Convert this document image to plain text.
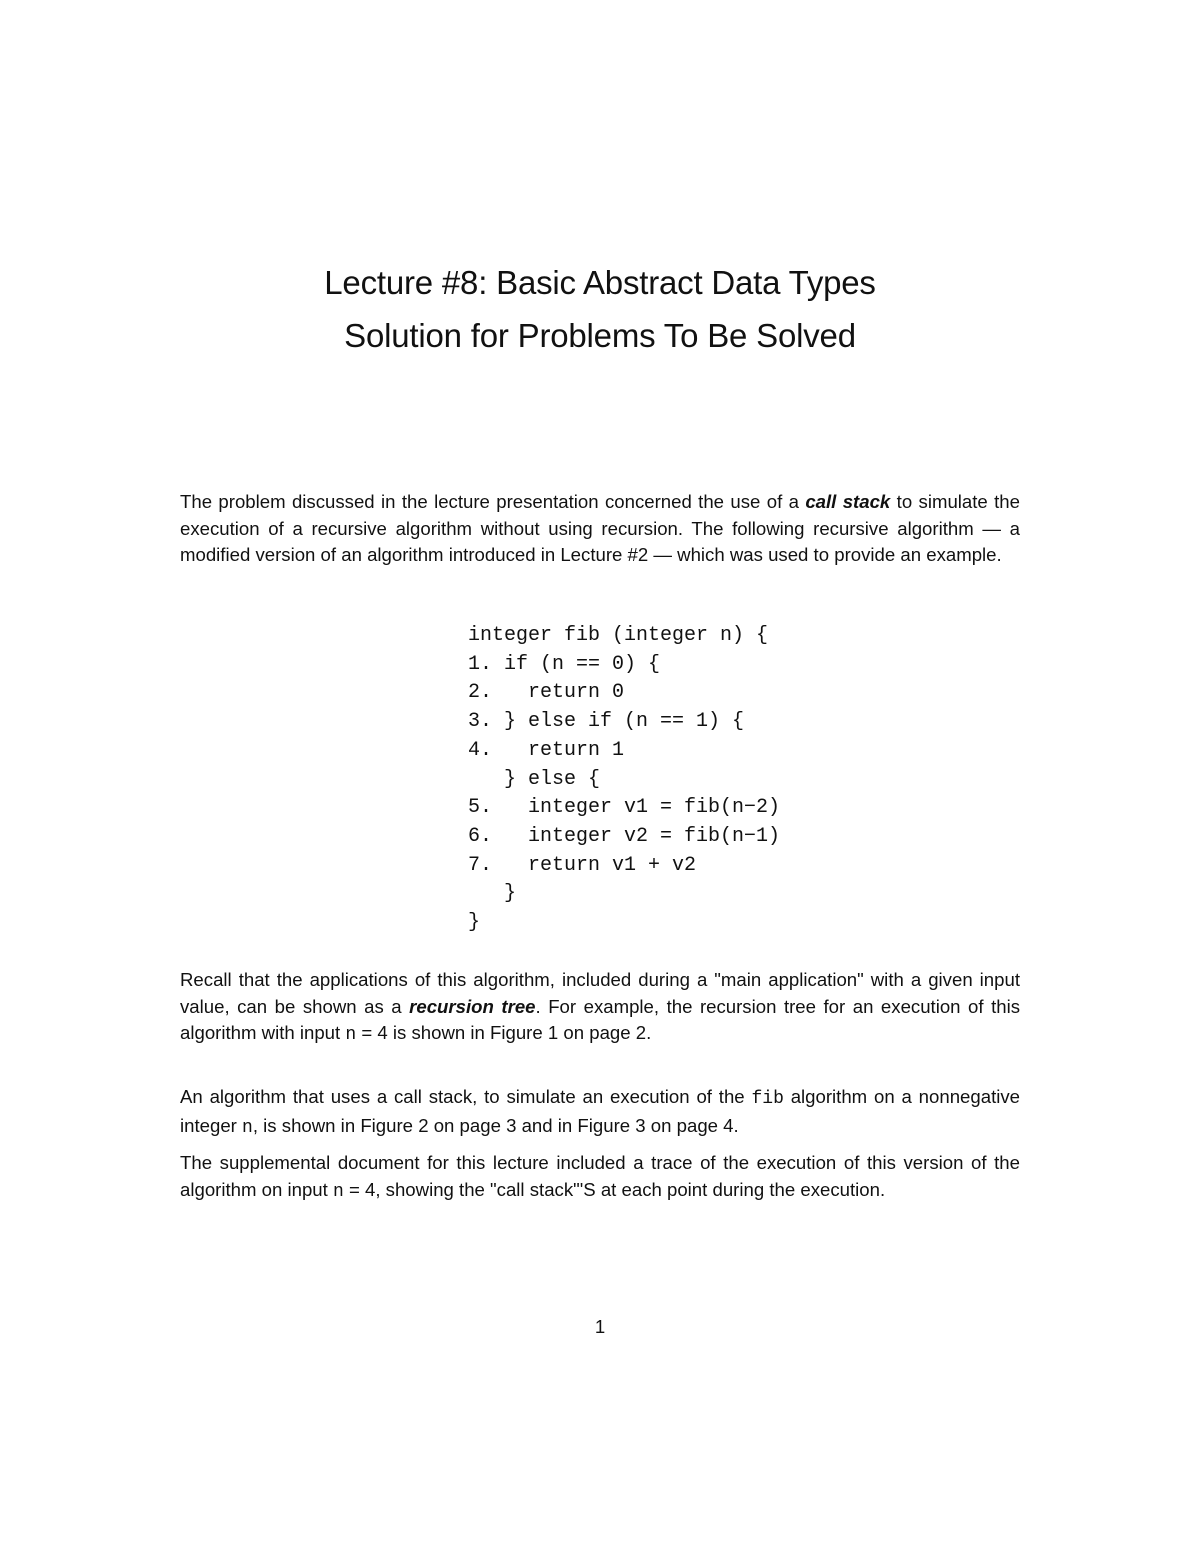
Lecture #8: Basic Abstract Data Types
Solution for Problems To Be Solved

The problem discussed in the lecture presentation concerned the use of a call stack to simulate the execution of a recursive algorithm without using recursion. The following recursive algorithm — a modified version of an algorithm introduced in Lecture #2 — which was used to provide an example.

integer fib (integer n) {
1. if (n == 0) {
2.   return 0
3. } else if (n == 1) {
4.   return 1
} else {
5.   integer v1 = fib(n−2)
6.   integer v2 = fib(n−1)
7.   return v1 + v2
}
}

Recall that the applications of this algorithm, included during a "main application" with a given input value, can be shown as a recursion tree. For example, the recursion tree for an execution of this algorithm with input n = 4 is shown in Figure 1 on page 2.

An algorithm that uses a call stack, to simulate an execution of the fib algorithm on a nonnegative integer n, is shown in Figure 2 on page 3 and in Figure 3 on page 4.

The supplemental document for this lecture included a trace of the execution of this version of the algorithm on input n = 4, showing the "call stack"'S at each point during the execution.

1
